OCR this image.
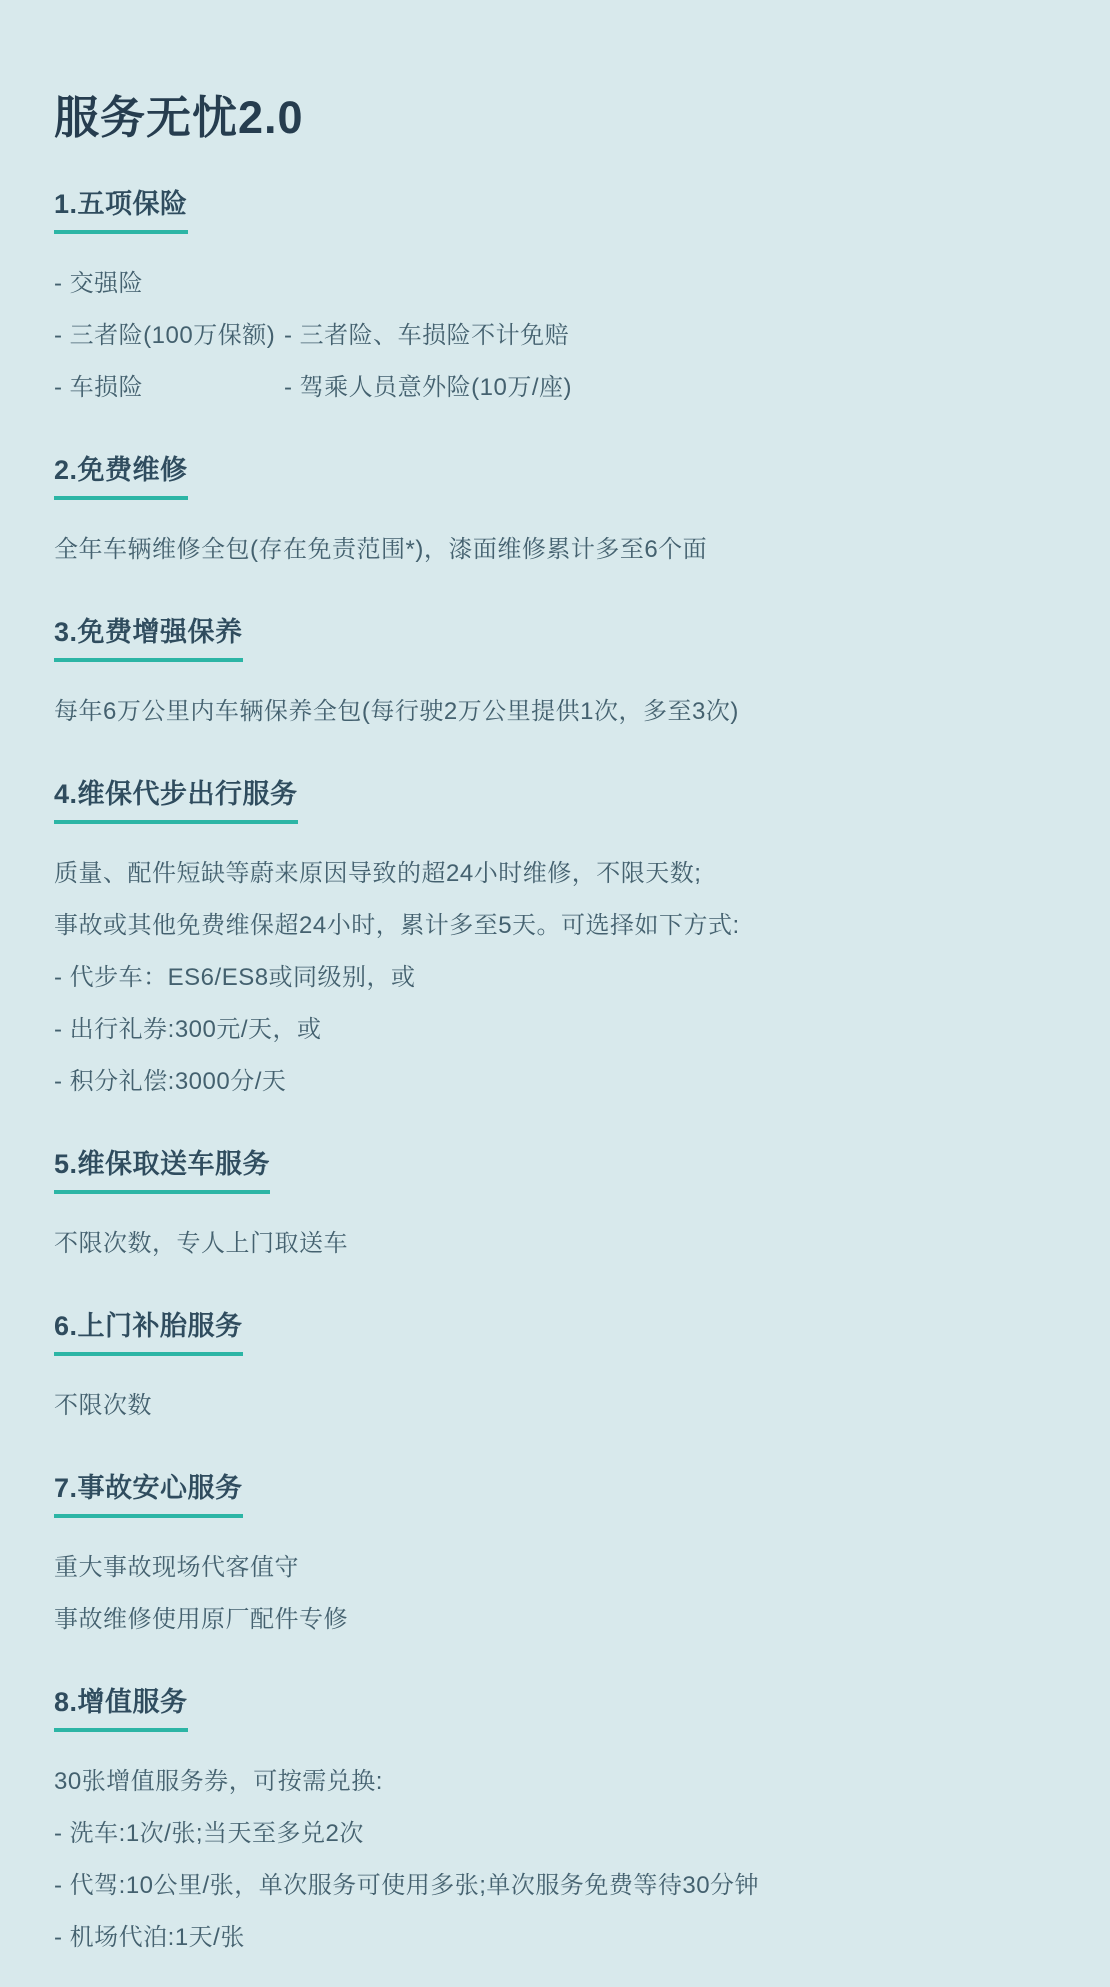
服务无忧2.0
1.五项保险
- 交强险
- 三者险(100万保额) - 三者险、车损险不计免赔
- 车损险	- 驾乘人员意外险(10万/座)
2.免费维修
全年车辆维修全包(存在免责范围*)，漆面维修累计多至6个面
3.免费增强保养
每年6万公里内车辆保养全包(每行驶2万公里提供1次，多至3次)
4.维保代步出行服务
质量、配件短缺等蔚来原因导致的超24小时维修，不限天数;
事故或其他免费维保超24小时，累计多至5天。可选择如下方式:
- 代步车：ES6/ES8或同级别，或
- 出行礼券:300元/天，或
- 积分礼偿:3000分/天
5.维保取送车服务
不限次数，专人上门取送车
6.上门补胎服务
不限次数
7.事故安心服务
重大事故现场代客值守
事故维修使用原厂配件专修
8.增值服务
30张增值服务券，可按需兑换:
- 洗车:1次/张;当天至多兑2次
- 代驾:10公里/张，单次服务可使用多张;单次服务免费等待30分钟
- 机场代泊:1天/张
